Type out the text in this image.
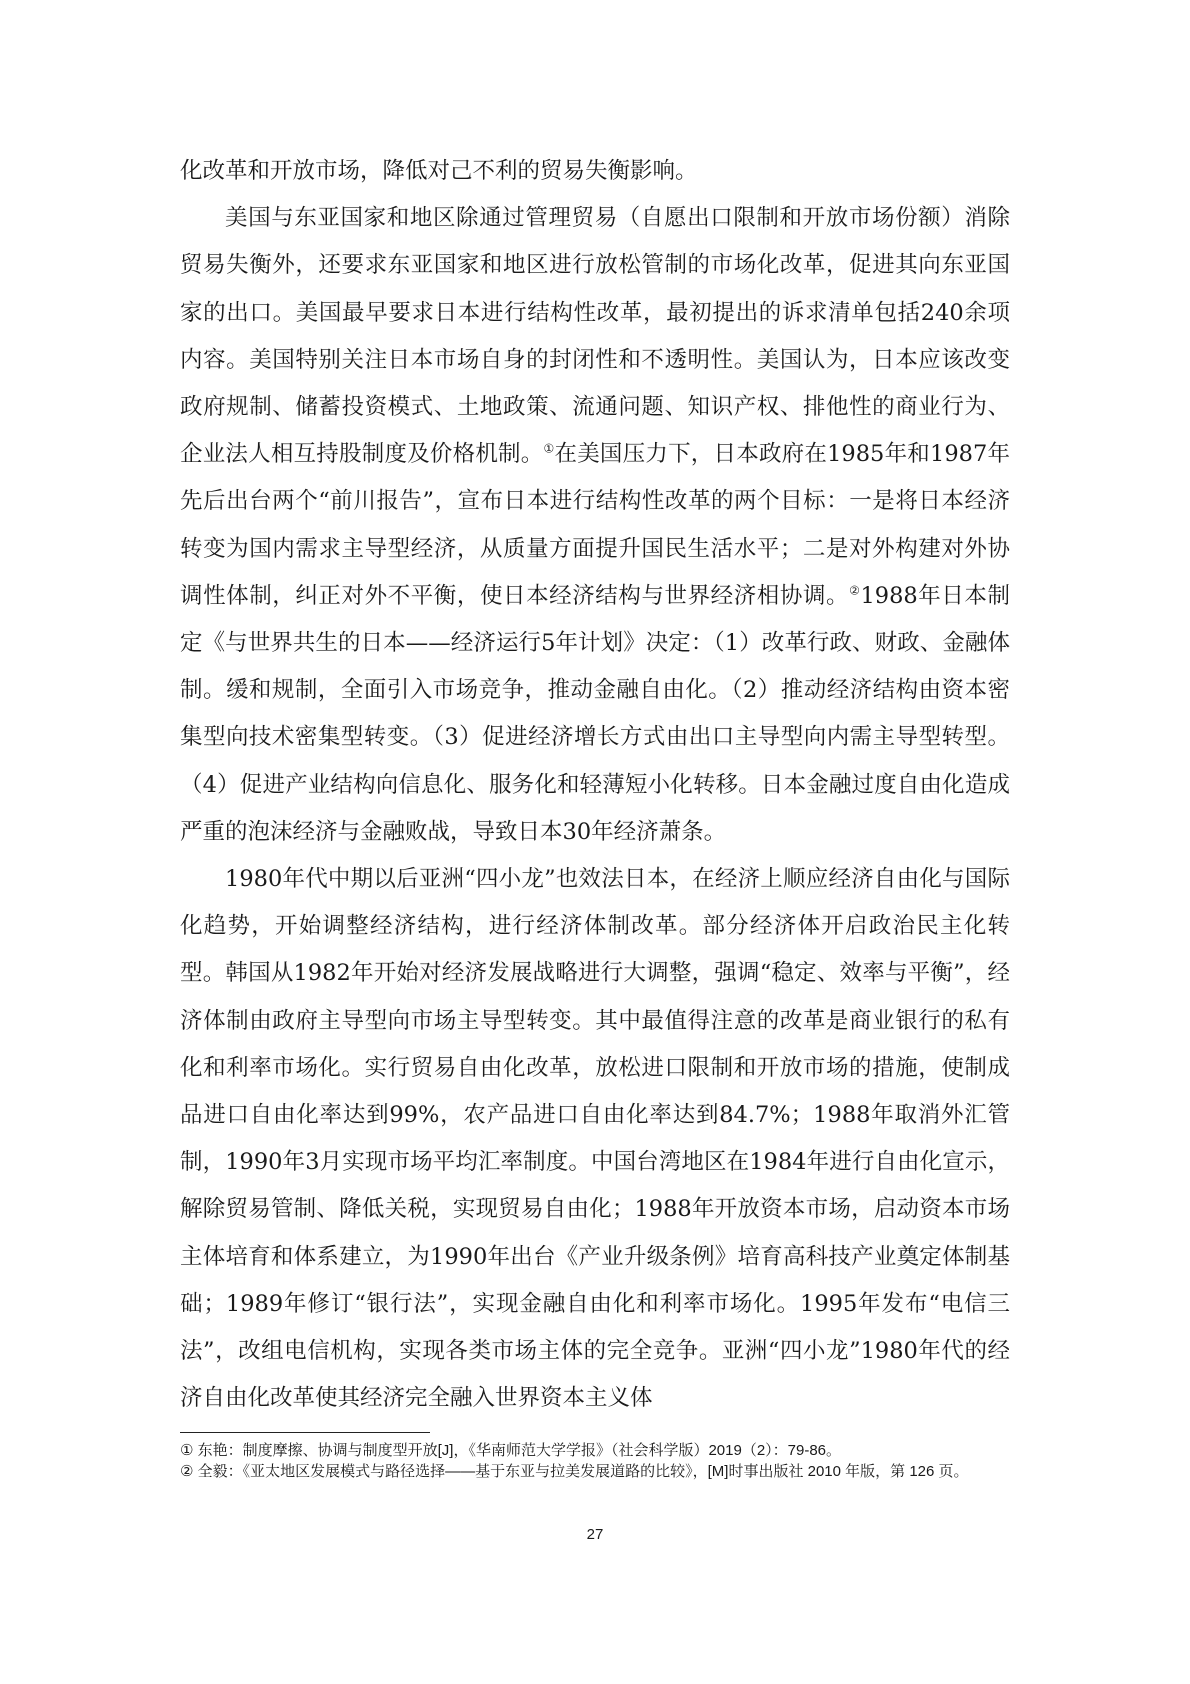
化改革和开放市场，降低对己不利的贸易失衡影响。

美国与东亚国家和地区除通过管理贸易（自愿出口限制和开放市场份额）消除贸易失衡外，还要求东亚国家和地区进行放松管制的市场化改革，促进其向东亚国家的出口。美国最早要求日本进行结构性改革，最初提出的诉求清单包括240余项内容。美国特别关注日本市场自身的封闭性和不透明性。美国认为，日本应该改变政府规制、储蓄投资模式、土地政策、流通问题、知识产权、排他性的商业行为、企业法人相互持股制度及价格机制。①在美国压力下，日本政府在1985年和1987年先后出台两个“前川报告”，宣布日本进行结构性改革的两个目标：一是将日本经济转变为国内需求主导型经济，从质量方面提升国民生活水平；二是对外构建对外协调性体制，纠正对外不平衡，使日本经济结构与世界经济相协调。②1988年日本制定《与世界共生的日本——经济运行5年计划》决定：（1）改革行政、财政、金融体制。缓和规制，全面引入市场竞争，推动金融自由化。（2）推动经济结构由资本密集型向技术密集型转变。（3）促进经济增长方式由出口主导型向内需主导型转型。（4）促进产业结构向信息化、服务化和轻薄短小化转移。日本金融过度自由化造成严重的泡沫经济与金融败战，导致日本30年经济萧条。

1980年代中期以后亚洲“四小龙”也效法日本，在经济上顺应经济自由化与国际化趋势，开始调整经济结构，进行经济体制改革。部分经济体开启政治民主化转型。韩国从1982年开始对经济发展战略进行大调整，强调“稳定、效率与平衡”，经济体制由政府主导型向市场主导型转变。其中最值得注意的改革是商业银行的私有化和利率市场化。实行贸易自由化改革，放松进口限制和开放市场的措施，使制成品进口自由化率达到99%，农产品进口自由化率达到84.7%；1988年取消外汇管制，1990年3月实现市场平均汇率制度。中国台湾地区在1984年进行自由化宣示，解除贸易管制、降低关税，实现贸易自由化；1988年开放资本市场，启动资本市场主体培育和体系建立，为1990年出台《产业升级条例》培育高科技产业奠定体制基础；1989年修订“银行法”，实现金融自由化和利率市场化。1995年发布“电信三法”，改组电信机构，实现各类市场主体的完全竞争。亚洲“四小龙”1980年代的经济自由化改革使其经济完全融入世界资本主义体

① 东艳：制度摩擦、协调与制度型开放[J]，《华南师范大学学报》（社会科学版）2019（2）：79-86。

② 全毅：《亚太地区发展模式与路径选择——基于东亚与拉美发展道路的比较》，[M]时事出版社 2010 年版，第 126 页。

27
